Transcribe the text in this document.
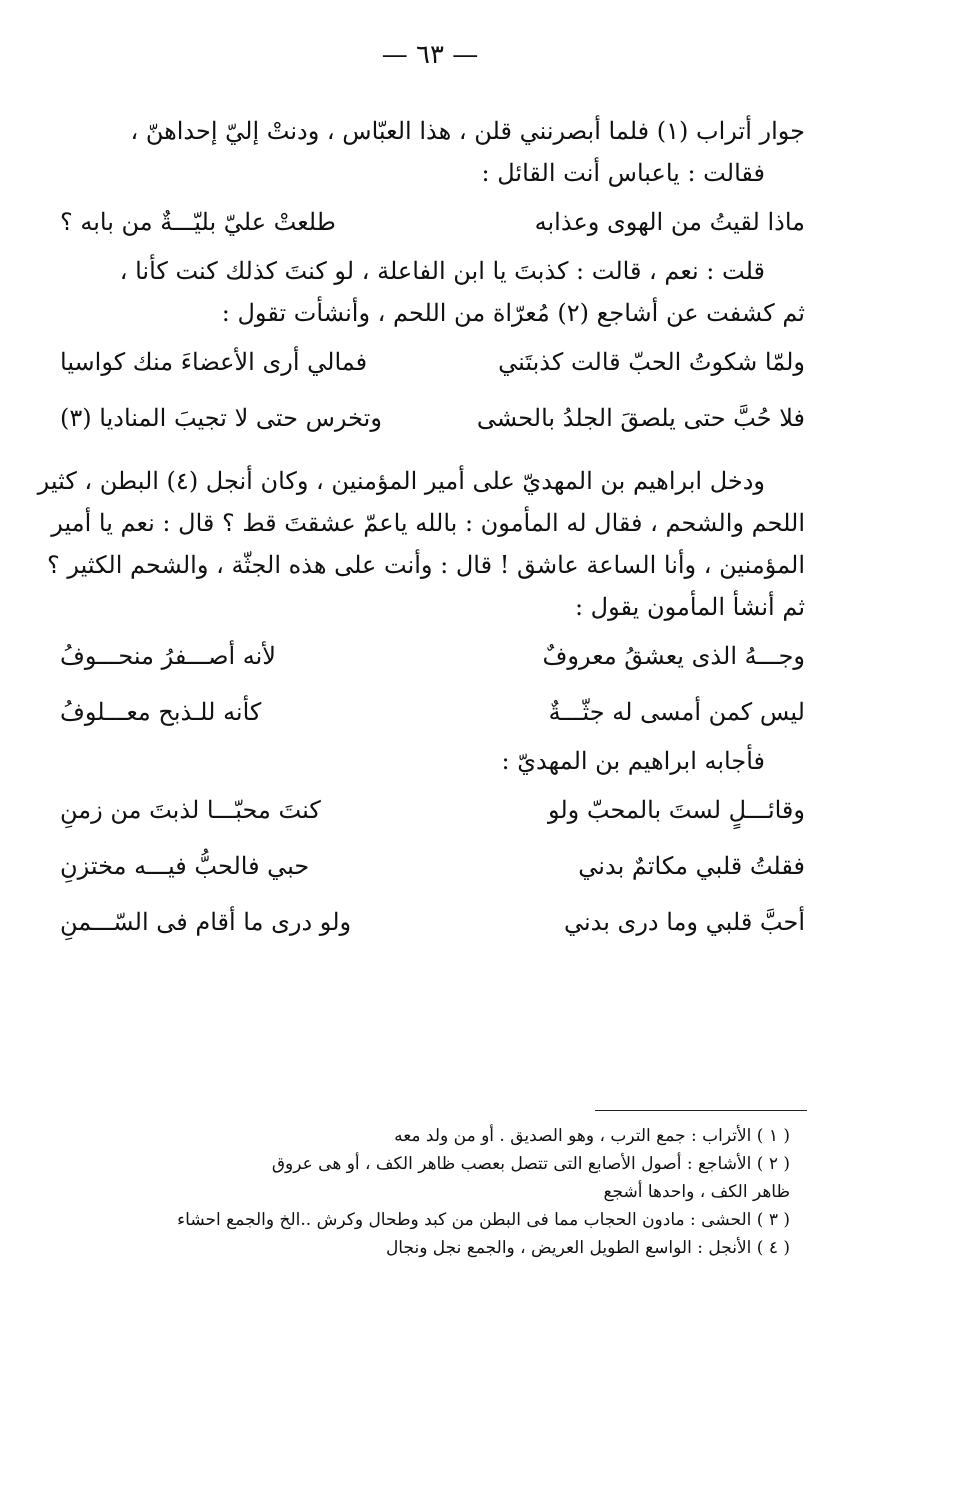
— ٦٣ —

جوار أتراب (١) فلما أبصرنني قلن ، هذا العبّاس ، ودنتْ إليّ إحداهنّ ،

فقالت : ياعباس أنت القائل :

ماذا لقيتُ من الهوى وعذابه
طلعتْ عليّ بليّـــةٌ من بابه ؟

قلت : نعم ، قالت : كذبتَ يا ابن الفاعلة ، لو كنتَ كذلك كنت كأنا ،

ثم كشفت عن أشاجع (٢) مُعرّاة من اللحم ، وأنشأت تقول :

ولمّا شكوتُ الحبّ قالت كذبتَني
فمالي أرى الأعضاءَ منك كواسيا
فلا حُبَّ حتى يلصقَ الجلدُ بالحشى
وتخرس حتى لا تجيبَ المناديا (٣)

ودخل ابراهيم بن المهديّ على أمير المؤمنين ، وكان أنجل (٤) البطن ، كثير

اللحم والشحم ، فقال له المأمون : بالله ياعمّ عشقتَ قط ؟ قال : نعم يا أمير

المؤمنين ، وأنا الساعة عاشق ! قال : وأنت على هذه الجثّة ، والشحم الكثير ؟

ثم أنشأ المأمون يقول :

وجـــهُ الذى يعشقُ معروفٌ
لأنه أصـــفرُ منحـــوفُ
ليس كمن أمسى له جثّـــةٌ
كأنه للـذبح معـــلوفُ

فأجابه ابراهيم بن المهديّ :

وقائـــلٍ لستَ بالمحبّ ولو
كنتَ محبّـــا لذبتَ من زمنِ
فقلتُ قلبي مكاتمٌ بدني
حبي فالحبُّ فيـــه مختزنِ
أحبَّ قلبي وما درى بدني
ولو درى ما أقام فى السّـــمنِ

( ١ ) الأتراب : جمع الترب ، وهو الصديق . أو من ولد معه

( ٢ ) الأشاجع : أصول الأصابع التى تتصل بعصب ظاهر الكف ، أو هى عروق

ظاهر الكف ، واحدها أشجع

( ٣ ) الحشى : مادون الحجاب مما فى البطن من كبد وطحال وكرش ..الخ والجمع احشاء

( ٤ ) الأنجل : الواسع الطويل العريض ، والجمع نجل ونجال
